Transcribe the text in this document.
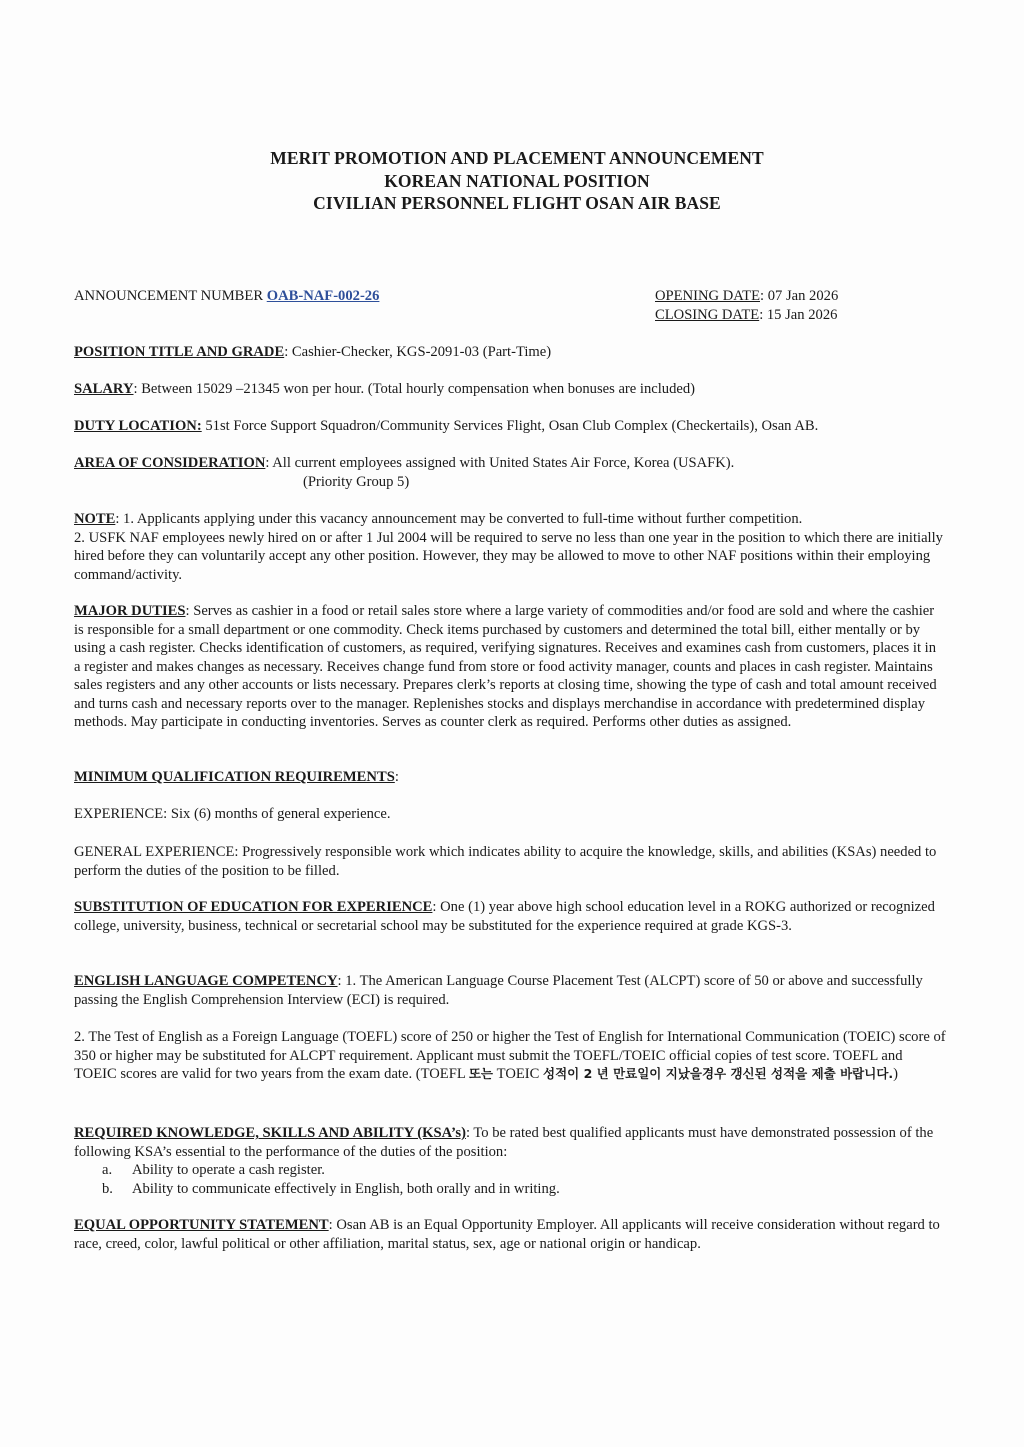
MERIT PROMOTION AND PLACEMENT ANNOUNCEMENT
KOREAN NATIONAL POSITION
CIVILIAN PERSONNEL FLIGHT OSAN AIR BASE
ANNOUNCEMENT NUMBER OAB-NAF-002-26	OPENING DATE: 07 Jan 2026
CLOSING DATE: 15 Jan 2026
POSITION TITLE AND GRADE: Cashier-Checker, KGS-2091-03 (Part-Time)
SALARY: Between 15029 –21345 won per hour. (Total hourly compensation when bonuses are included)
DUTY LOCATION: 51st Force Support Squadron/Community Services Flight, Osan Club Complex (Checkertails), Osan AB.
AREA OF CONSIDERATION: All current employees assigned with United States Air Force, Korea (USAFK).
(Priority Group 5)
NOTE: 1. Applicants applying under this vacancy announcement may be converted to full-time without further competition.
2. USFK NAF employees newly hired on or after 1 Jul 2004 will be required to serve no less than one year in the position to which there are initially hired before they can voluntarily accept any other position. However, they may be allowed to move to other NAF positions within their employing command/activity.
MAJOR DUTIES: Serves as cashier in a food or retail sales store where a large variety of commodities and/or food are sold and where the cashier is responsible for a small department or one commodity. Check items purchased by customers and determined the total bill, either mentally or by using a cash register. Checks identification of customers, as required, verifying signatures. Receives and examines cash from customers, places it in a register and makes changes as necessary. Receives change fund from store or food activity manager, counts and places in cash register. Maintains sales registers and any other accounts or lists necessary. Prepares clerk’s reports at closing time, showing the type of cash and total amount received and turns cash and necessary reports over to the manager. Replenishes stocks and displays merchandise in accordance with predetermined display methods. May participate in conducting inventories. Serves as counter clerk as required. Performs other duties as assigned.
MINIMUM QUALIFICATION REQUIREMENTS:
EXPERIENCE: Six (6) months of general experience.
GENERAL EXPERIENCE: Progressively responsible work which indicates ability to acquire the knowledge, skills, and abilities (KSAs) needed to perform the duties of the position to be filled.
SUBSTITUTION OF EDUCATION FOR EXPERIENCE: One (1) year above high school education level in a ROKG authorized or recognized college, university, business, technical or secretarial school may be substituted for the experience required at grade KGS-3.
ENGLISH LANGUAGE COMPETENCY: 1. The American Language Course Placement Test (ALCPT) score of 50 or above and successfully passing the English Comprehension Interview (ECI) is required.
2. The Test of English as a Foreign Language (TOEFL) score of 250 or higher the Test of English for International Communication (TOEIC) score of 350 or higher may be substituted for ALCPT requirement. Applicant must submit the TOEFL/TOEIC official copies of test score. TOEFL and TOEIC scores are valid for two years from the exam date. (TOEFL 또는 TOEIC 성적이 2 년 만료일이 지났을경우 갱신된 성적을 제출 바랍니다.)
REQUIRED KNOWLEDGE, SKILLS AND ABILITY (KSA’s): To be rated best qualified applicants must have demonstrated possession of the following KSA’s essential to the performance of the duties of the position:
a. Ability to operate a cash register.
b. Ability to communicate effectively in English, both orally and in writing.
EQUAL OPPORTUNITY STATEMENT: Osan AB is an Equal Opportunity Employer. All applicants will receive consideration without regard to race, creed, color, lawful political or other affiliation, marital status, sex, age or national origin or handicap.
